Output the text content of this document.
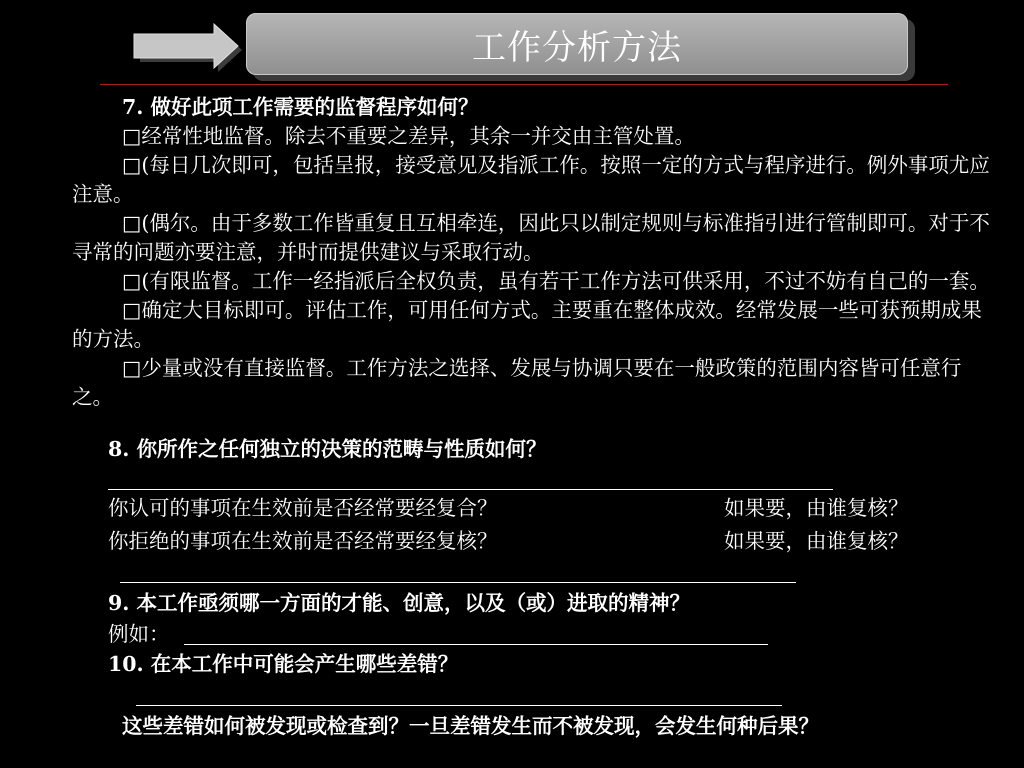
工作分析方法

7. 做好此项工作需要的监督程序如何？

□经常性地监督。除去不重要之差异，其余一并交由主管处置。

□(每日几次即可，包括呈报，接受意见及指派工作。按照一定的方式与程序进行。例外事项尤应注意。

□(偶尔。由于多数工作皆重复且互相牵连，因此只以制定规则与标准指引进行管制即可。对于不寻常的问题亦要注意，并时而提供建议与采取行动。

□(有限监督。工作一经指派后全权负责，虽有若干工作方法可供采用，不过不妨有自己的一套。

□确定大目标即可。评估工作，可用任何方式。主要重在整体成效。经常发展一些可获预期成果的方法。

□少量或没有直接监督。工作方法之选择、发展与协调只要在一般政策的范围内容皆可任意行之。

8. 你所作之任何独立的决策的范畴与性质如何？
你认可的事项在生效前是否经常要经复合？	如果要，由谁复核？
你拒绝的事项在生效前是否经常要经复核？	如果要，由谁复核？
9. 本工作亟须哪一方面的才能、创意，以及（或）进取的精神？
例如：
10. 在本工作中可能会产生哪些差错？

这些差错如何被发现或检查到？一旦差错发生而不被发现，会发生何种后果？
